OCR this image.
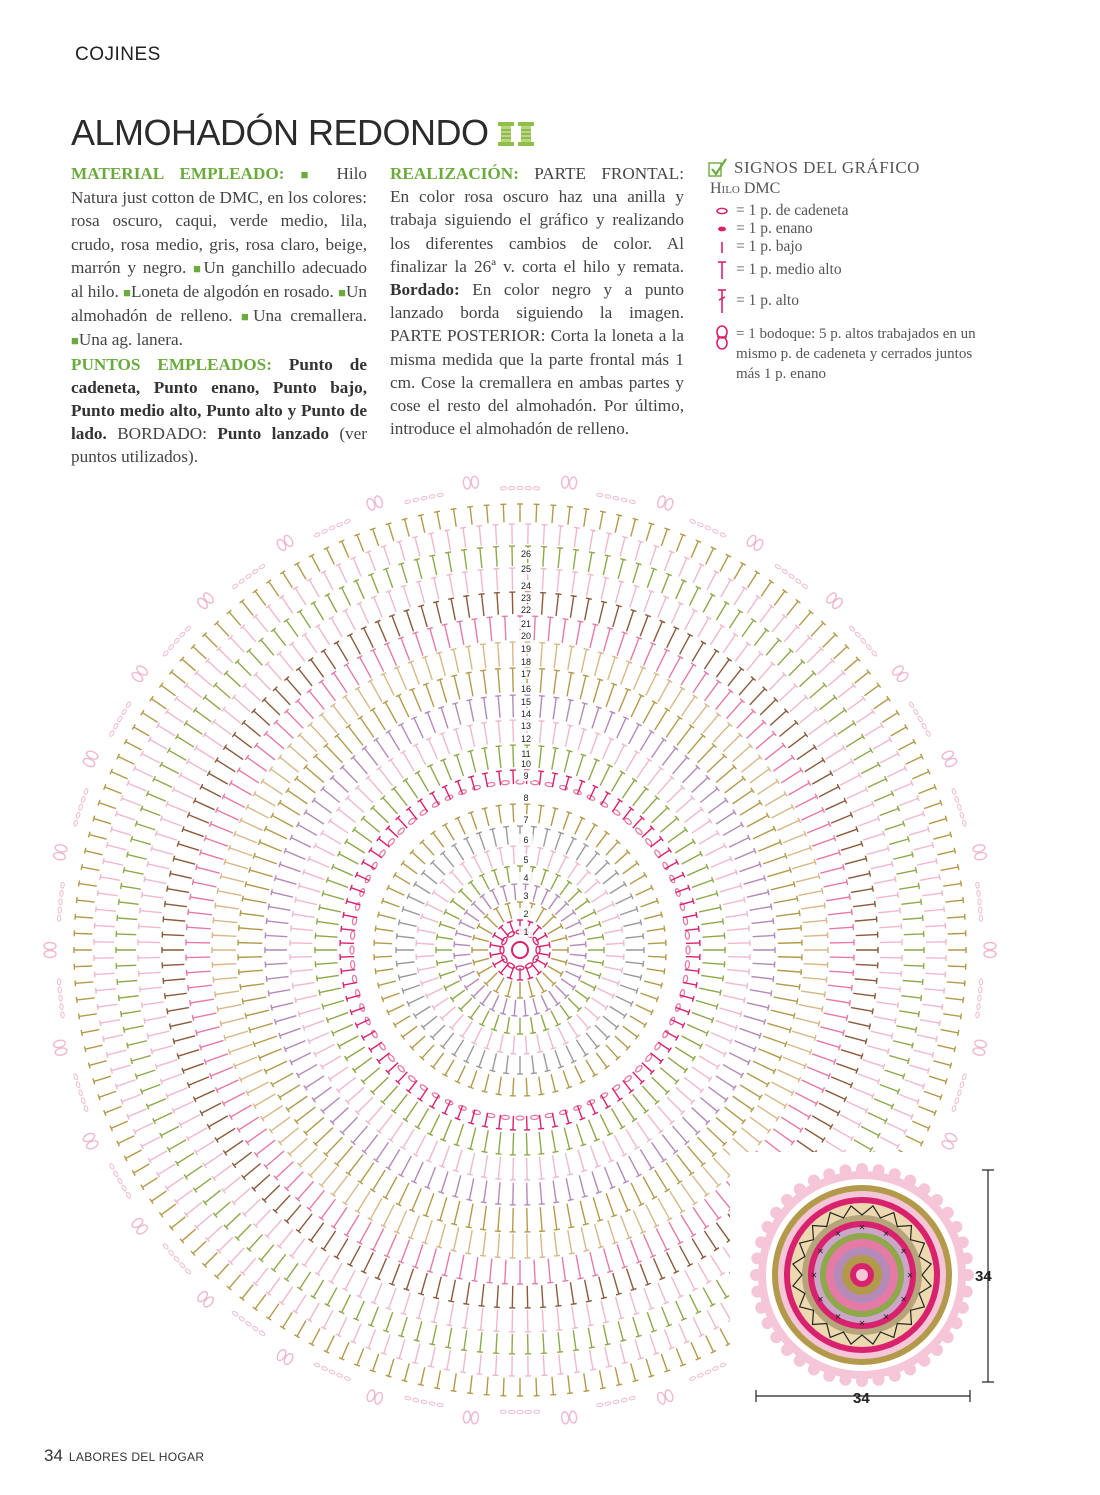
COJINES
ALMOHADÓN REDONDO
MATERIAL EMPLEADO: ■ Hilo Natura just cotton de DMC, en los colores: rosa oscuro, caqui, verde medio, lila, crudo, rosa medio, gris, rosa claro, beige, marrón y negro. ■Un ganchillo adecuado al hilo. ■Loneta de algodón en rosado. ■Un almohadón de relleno. ■Una cremallera. ■Una ag. lanera.
PUNTOS EMPLEADOS: Punto de cadeneta, Punto enano, Punto bajo, Punto medio alto, Punto alto y Punto de lado. BORDADO: Punto lanzado (ver puntos utilizados).
REALIZACIÓN: PARTE FRONTAL: En color rosa oscuro haz una anilla y trabaja siguiendo el gráfico y realizando los diferentes cambios de color. Al finalizar la 26ª v. corta el hilo y remata. Bordado: En color negro y a punto lanzado borda siguiendo la imagen. PARTE POSTERIOR: Corta la loneta a la misma medida que la parte frontal más 1 cm. Cose la cremallera en ambas partes y cose el resto del almohadón. Por último, introduce el almohadón de relleno.
SIGNOS DEL GRÁFICO
Hilo DMC
= 1 p. de cadeneta
= 1 p. enano
= 1 p. bajo
= 1 p. medio alto
= 1 p. alto
= 1 bodoque: 5 p. altos trabajados en un mismo p. de cadeneta y cerrados juntos más 1 p. enano
1
2
3
4
5
6
7
8
9
10
11
12
13
14
15
16
17
18
19
20
21
22
23
24
25
26
✕
✕
✕
✕
✕
✕
✕
✕
✕
✕
✕
✕
34
34
34 LABORES DEL HOGAR
